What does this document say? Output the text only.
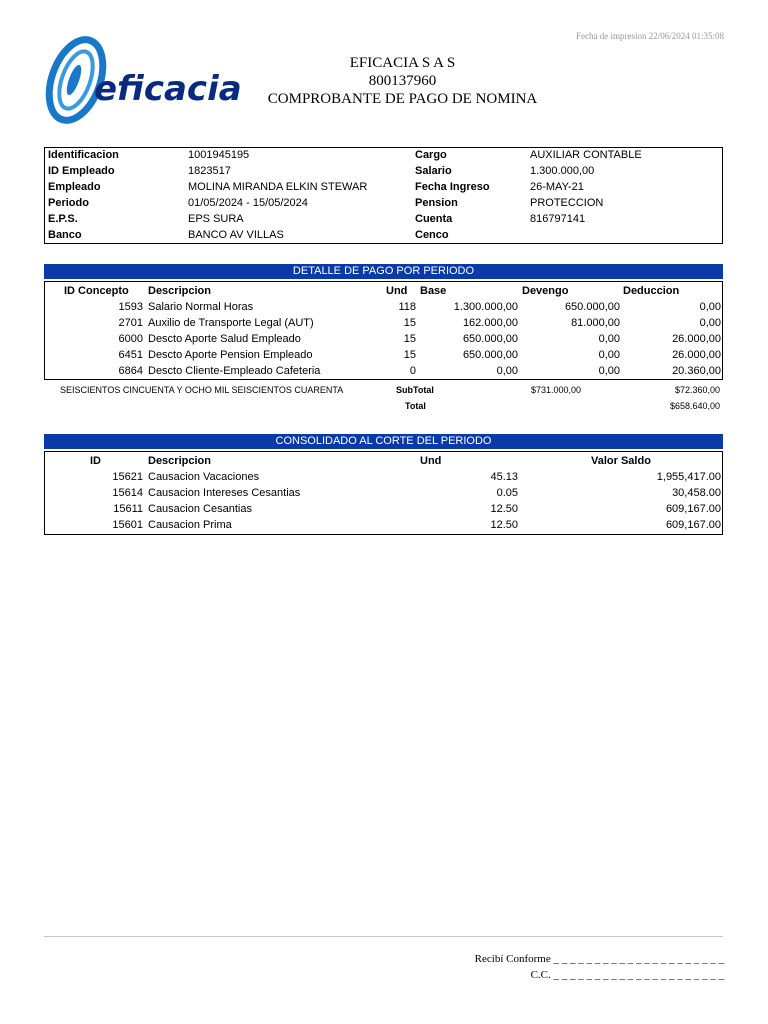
Fecha de impresion 22/06/2024 01:35:08
eficacia
EFICACIA S A S
800137960
COMPROBANTE DE PAGO DE NOMINA
Identificacion	1001945195	Cargo	AUXILIAR CONTABLE
ID Empleado	1823517	Salario	1.300.000,00
Empleado	MOLINA MIRANDA ELKIN STEWAR	Fecha Ingreso	26-MAY-21
Periodo	01/05/2024 - 15/05/2024	Pension	PROTECCION
E.P.S.	EPS SURA	Cuenta	816797141
Banco	BANCO AV VILLAS	Cenco
DETALLE DE PAGO POR PERIODO
ID Concepto Descripcion	Und Base	Devengo	Deduccion
1593 Salario Normal Horas	118	1.300.000,00	650.000,00	0,00
2701 Auxilio de Transporte Legal (AUT)	15	162.000,00	81.000,00	0,00
6000 Descto Aporte Salud Empleado	15	650.000,00	0,00	26.000,00
6451 Descto Aporte Pension Empleado	15	650.000,00	0,00	26.000,00
6864 Descto Cliente-Empleado Cafeteria	0	0,00	0,00	20.360,00
SEISCIENTOS CINCUENTA Y OCHO MIL SEISCIENTOS CUARENTA	SubTotal	$731.000,00	$72.360,00
Total	$658.640,00
CONSOLIDADO AL CORTE DEL PERIODO
ID	Descripcion	Und	Valor Saldo
15621 Causacion Vacaciones	45.13	1,955,417.00
15614 Causacion Intereses Cesantias	0.05	30,458.00
15611 Causacion Cesantias	12.50	609,167.00
15601 Causacion Prima	12.50	609,167.00
Recibí Conforme _ _ _ _ _ _ _ _ _ _ _ _ _ _ _ _ _ _ _ _ _
C.C. _ _ _ _ _ _ _ _ _ _ _ _ _ _ _ _ _ _ _ _ _
